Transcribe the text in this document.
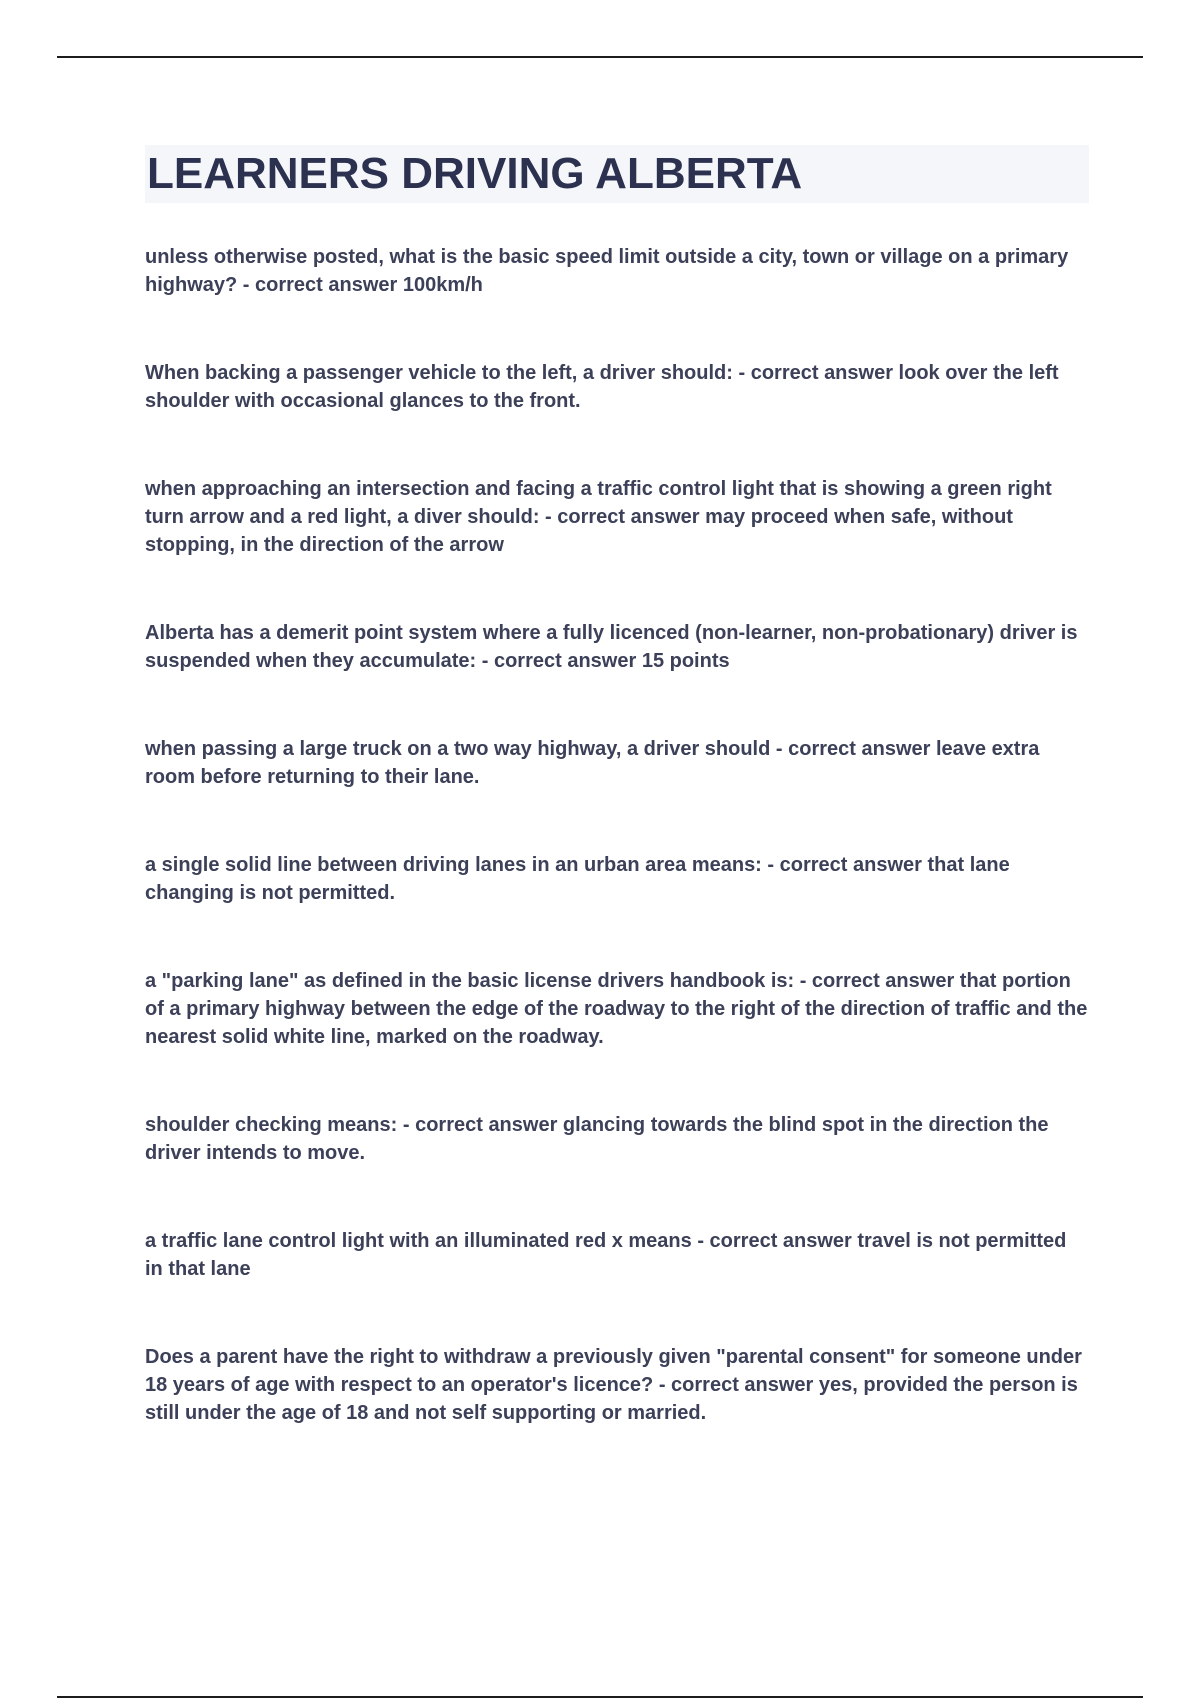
LEARNERS DRIVING ALBERTA
unless otherwise posted, what is the basic speed limit outside a city, town or village on a primary highway? - correct answer 100km/h
When backing a passenger vehicle to the left, a driver should: - correct answer look over the left shoulder with occasional glances to the front.
when approaching an intersection and facing a traffic control light that is showing a green right turn arrow and a red light, a diver should: - correct answer may proceed when safe, without stopping, in the direction of the arrow
Alberta has a demerit point system where a fully licenced (non-learner, non-probationary) driver is suspended when they accumulate: - correct answer 15 points
when passing a large truck on a two way highway, a driver should - correct answer leave extra room before returning to their lane.
a single solid line between driving lanes in an urban area means: - correct answer that lane changing is not permitted.
a "parking lane" as defined in the basic license drivers handbook is: - correct answer that portion of a primary highway between the edge of the roadway to the right of the direction of traffic and the nearest solid white line, marked on the roadway.
shoulder checking means: - correct answer glancing towards the blind spot in the direction the driver intends to move.
a traffic lane control light with an illuminated red x means - correct answer travel is not permitted in that lane
Does a parent have the right to withdraw a previously given "parental consent" for someone under 18 years of age with respect to an operator's licence? - correct answer yes, provided the person is still under the age of 18 and not self supporting or married.
